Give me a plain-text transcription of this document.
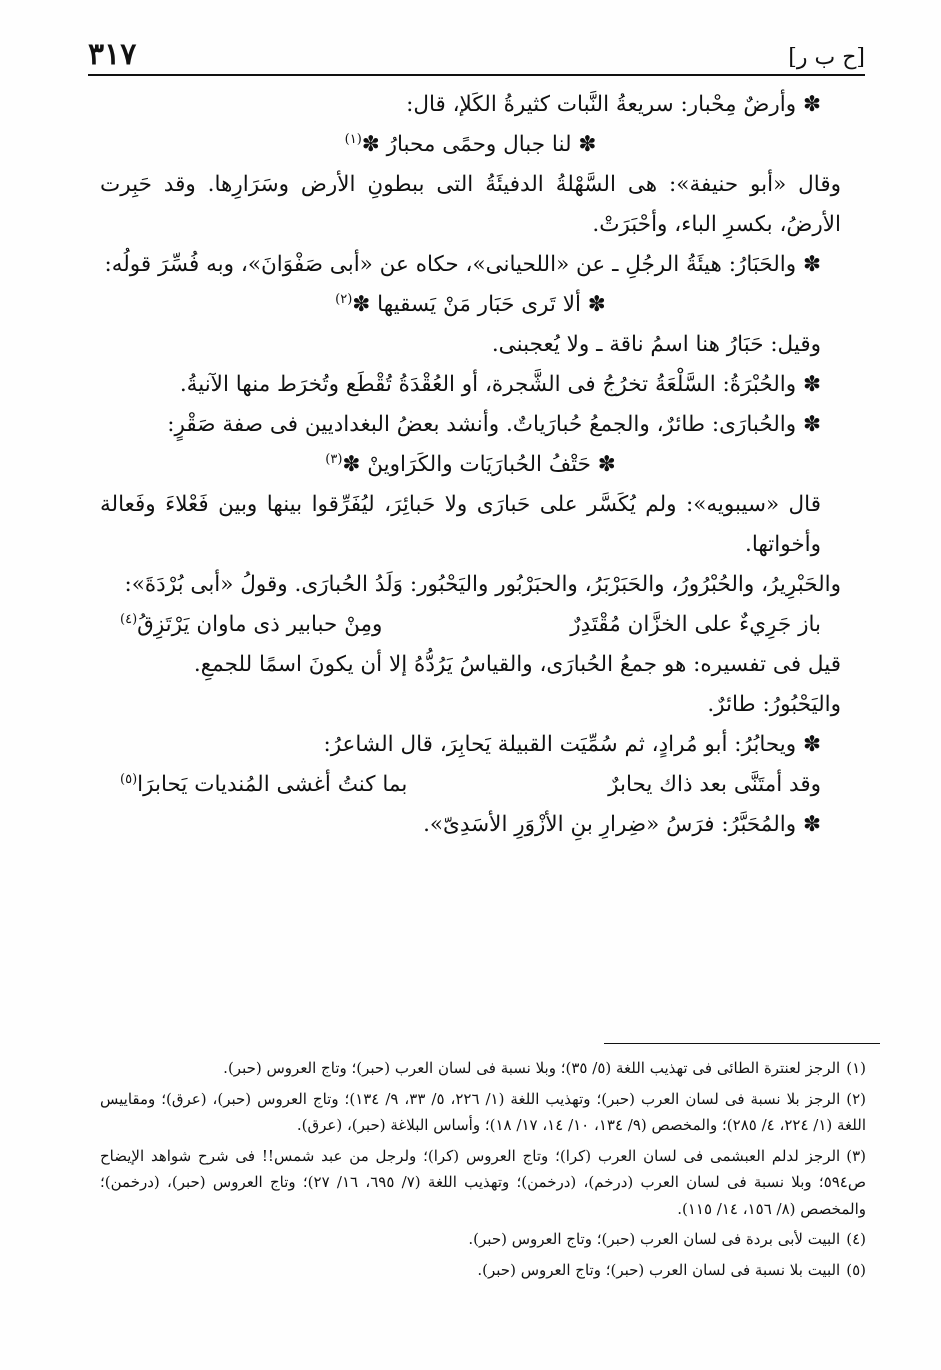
[ح ب ر]
٣١٧

✽ وأرضٌ مِحْبار: سريعةُ النَّبات كثيرةُ الكَلإ، قال:

✽ لنا جبال وحمًى محبارُ ✽$^{(١)}$

وقال «أبو حنيفة»: هى السَّهْلةُ الدفيئَةُ التى ببطونِ الأرض وسَرَارِها. وقد حَبِرت الأرضُ، بكسرِ الباء، وأحْبَرَتْ.

✽ والحَبَارُ: هيئَةُ الرجُلِ ـ عن «اللحيانى»، حكاه عن «أبى صَفْوَانَ»، وبه فُسِّرَ قولُه:

✽ ألا تَرى حَبَار مَنْ يَسقيها ✽$^{(٢)}$

وقيل: حَبَارُ هنا اسمُ ناقة ـ ولا يُعجبنى.

✽ والحُبْرَةُ: السَّلْعَةُ تخرُجُ فى الشَّجرة، أو العُقْدَةُ تُقْطَع وتُخرَط منها الآنيةُ.

✽ والحُبارَى: طائرٌ، والجمعُ حُبارَياتٌ. وأنشد بعضُ البغداديين فى صفة صَقْرٍ:

✽ حَتْفُ الحُبارَيَات والكَرَاوينْ ✽$^{(٣)}$

قال «سيبويه»: ولم يُكَسَّر على حَبارَى ولا حَبائِرَ، ليُفَرِّقوا بينها وبين فَعْلاءَ وفَعالة وأخواتها.

والحَبْرِيرُ، والحُبْرُورُ، والحَبَرْبَرُ، والحبَرْبُور واليَحْبُور: وَلَدُ الحُبارَى. وقولُ «أبى بُرْدَةَ»:

باز جَرِيءٌ على الخزَّان مُقْتَدِرٌ
ومِنْ حبابير ذى ماوان يَرْتَزِقُ$^{(٤)}$

قيل فى تفسيره: هو جمعُ الحُبارَى، والقياسُ يَرُدُّهُ إلا أن يكونَ اسمًا للجمعِ.

واليَحْبُورُ: طائرٌ.

✽ ويحابُرُ: أبو مُرادٍ، ثم سُمِّيَت القبيلة يَحابِرَ، قال الشاعرُ:

وقد أمتَنَّى بعد ذاك يحابرٌ
بما كنتُ أغشى المُنديات يَحابرَا$^{(٥)}$

✽ والمُحَبَّرُ: فرَسُ «ضِرارِ بنِ الأزْوَرِ الأسَدِىّ».

(١)الرجز لعنترة الطائى فى تهذيب اللغة (٥/ ٣٥)؛ وبلا نسبة فى لسان العرب (حبر)؛ وتاج العروس (حبر).

(٢)الرجز بلا نسبة فى لسان العرب (حبر)؛ وتهذيب اللغة (١/ ٢٢٦، ٥/ ٣٣، ٩/ ١٣٤)؛ وتاج العروس (حبر)، (عرق)؛ ومقاييس اللغة (١/ ٢٢٤، ٤/ ٢٨٥)؛ والمخصص (٩/ ١٣٤، ١٠/ ١٤، ١٧/ ١٨)؛ وأساس البلاغة (حبر)، (عرق).

(٣)الرجز لدلم العبشمى فى لسان العرب (كرا)؛ وتاج العروس (كرا)؛ ولرجل من عبد شمس!! فى شرح شواهد الإيضاح ص٥٩٤؛ وبلا نسبة فى لسان العرب (درخم)، (درخمن)؛ وتهذيب اللغة (٧/ ٦٩٥، ١٦/ ٢٧)؛ وتاج العروس (حبر)، (درخمن)؛ والمخصص (٨/ ١٥٦، ١٤/ ١١٥).

(٤)البيت لأبى بردة فى لسان العرب (حبر)؛ وتاج العروس (حبر).

(٥)البيت بلا نسبة فى لسان العرب (حبر)؛ وتاج العروس (حبر).
